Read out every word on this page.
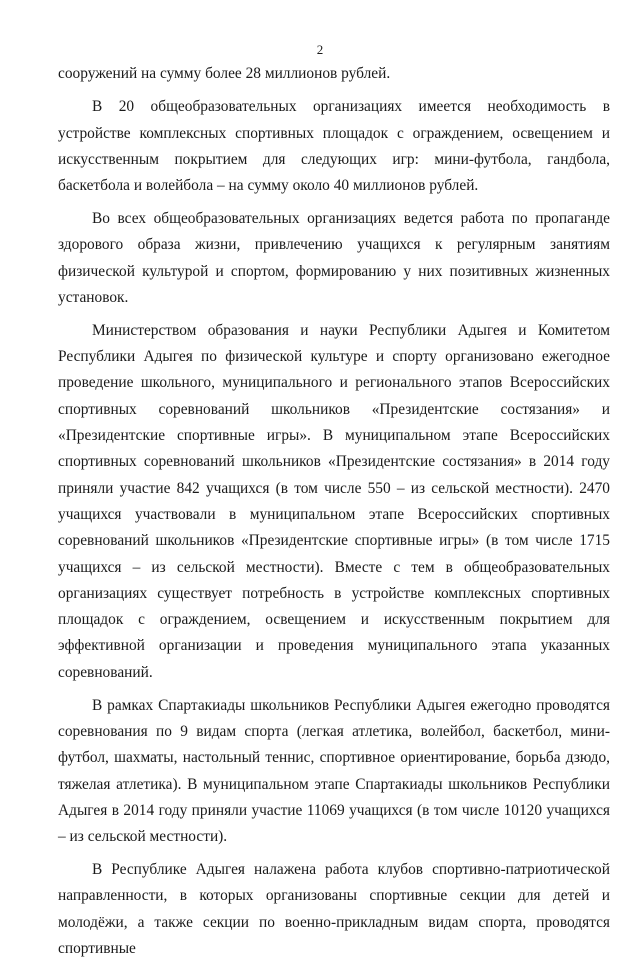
2

сооружений на сумму более 28 миллионов рублей.

В 20 общеобразовательных организациях имеется необходимость в устройстве комплексных спортивных площадок с ограждением, освещением и искусственным покрытием для следующих игр: мини-футбола, гандбола, баскетбола и волейбола – на сумму около 40 миллионов рублей.

Во всех общеобразовательных организациях ведется работа по пропаганде здорового образа жизни, привлечению учащихся к регулярным занятиям физической культурой и спортом, формированию у них позитивных жизненных установок.

Министерством образования и науки Республики Адыгея и Комитетом Республики Адыгея по физической культуре и спорту организовано ежегодное проведение школьного, муниципального и регионального этапов Всероссийских спортивных соревнований школьников «Президентские состязания» и «Президентские спортивные игры». В муниципальном этапе Всероссийских спортивных соревнований школьников «Президентские состязания» в 2014 году приняли участие 842 учащихся (в том числе 550 – из сельской местности). 2470 учащихся участвовали в муниципальном этапе Всероссийских спортивных соревнований школьников «Президентские спортивные игры» (в том числе 1715 учащихся – из сельской местности). Вместе с тем в общеобразовательных организациях существует потребность в устройстве комплексных спортивных площадок с ограждением, освещением и искусственным покрытием для эффективной организации и проведения муниципального этапа указанных соревнований.

В рамках Спартакиады школьников Республики Адыгея ежегодно проводятся соревнования по 9 видам спорта (легкая атлетика, волейбол, баскетбол, мини-футбол, шахматы, настольный теннис, спортивное ориентирование, борьба дзюдо, тяжелая атлетика). В муниципальном этапе Спартакиады школьников Республики Адыгея в 2014 году приняли участие 11069 учащихся (в том числе 10120 учащихся – из сельской местности).

В Республике Адыгея налажена работа клубов спортивно-патриотической направленности, в которых организованы спортивные секции для детей и молодёжи, а также секции по военно-прикладным видам спорта, проводятся спортивные
